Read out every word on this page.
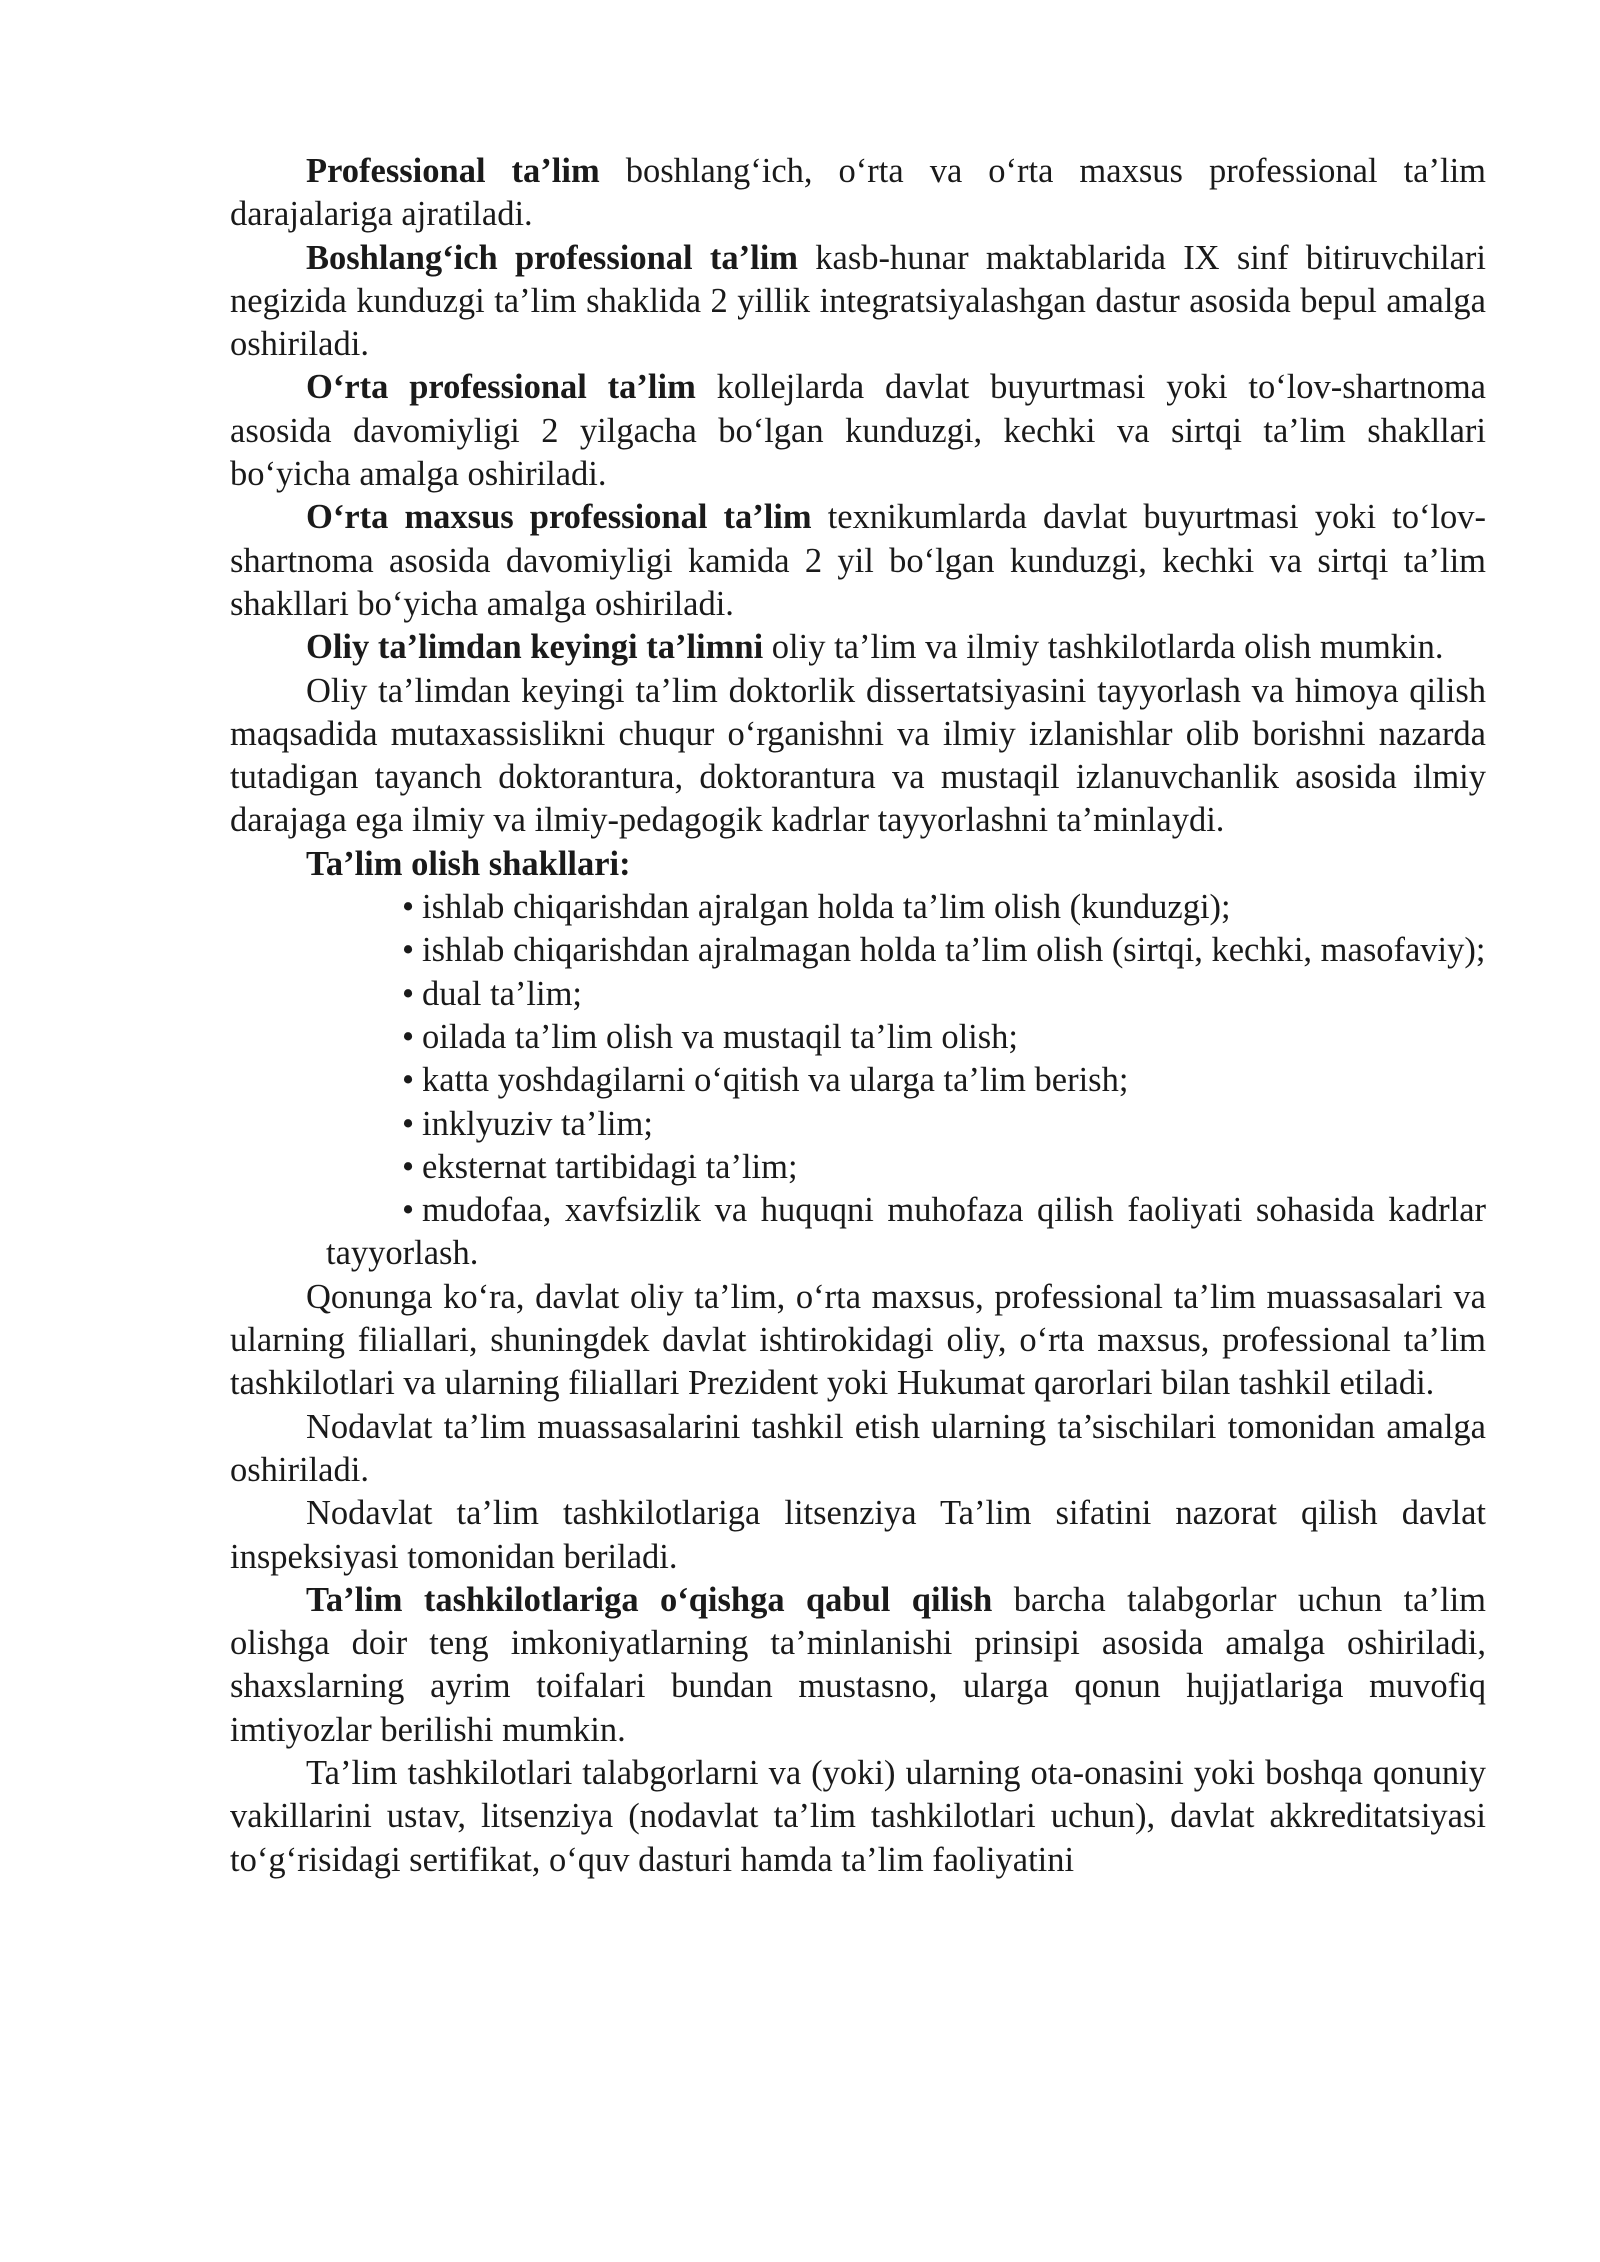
Professional ta’lim boshlang‘ich, o‘rta va o‘rta maxsus professional ta’lim darajalariga ajratiladi.

Boshlang‘ich professional ta’lim kasb-hunar maktablarida IX sinf bitiruvchilari negizida kunduzgi ta’lim shaklida 2 yillik integratsiyalashgan dastur asosida bepul amalga oshiriladi.

O‘rta professional ta’lim kollejlarda davlat buyurtmasi yoki to‘lov-shartnoma asosida davomiyligi 2 yilgacha bo‘lgan kunduzgi, kechki va sirtqi ta’lim shakllari bo‘yicha amalga oshiriladi.

O‘rta maxsus professional ta’lim texnikumlarda davlat buyurtmasi yoki to‘lov-shartnoma asosida davomiyligi kamida 2 yil bo‘lgan kunduzgi, kechki va sirtqi ta’lim shakllari bo‘yicha amalga oshiriladi.

Oliy ta’limdan keyingi ta’limni oliy ta’lim va ilmiy tashkilotlarda olish mumkin.

Oliy ta’limdan keyingi ta’lim doktorlik dissertatsiyasini tayyorlash va himoya qilish maqsadida mutaxassislikni chuqur o‘rganishni va ilmiy izlanishlar olib borishni nazarda tutadigan tayanch doktorantura, doktorantura va mustaqil izlanuvchanlik asosida ilmiy darajaga ega ilmiy va ilmiy-pedagogik kadrlar tayyorlashni ta’minlaydi.

Ta’lim olish shakllari:

• ishlab chiqarishdan ajralgan holda ta’lim olish (kunduzgi);
• ishlab chiqarishdan ajralmagan holda ta’lim olish (sirtqi, kechki, masofaviy);
• dual ta’lim;
• oilada ta’lim olish va mustaqil ta’lim olish;
• katta yoshdagilarni o‘qitish va ularga ta’lim berish;
• inklyuziv ta’lim;
• eksternat tartibidagi ta’lim;
• mudofaa, xavfsizlik va huquqni muhofaza qilish faoliyati sohasida kadrlar tayyorlash.

Qonunga ko‘ra, davlat oliy ta’lim, o‘rta maxsus, professional ta’lim muassasalari va ularning filiallari, shuningdek davlat ishtirokidagi oliy, o‘rta maxsus, professional ta’lim tashkilotlari va ularning filiallari Prezident yoki Hukumat qarorlari bilan tashkil etiladi.

Nodavlat ta’lim muassasalarini tashkil etish ularning ta’sischilari tomonidan amalga oshiriladi.

Nodavlat ta’lim tashkilotlariga litsenziya Ta’lim sifatini nazorat qilish davlat inspeksiyasi tomonidan beriladi.

Ta’lim tashkilotlariga o‘qishga qabul qilish barcha talabgorlar uchun ta’lim olishga doir teng imkoniyatlarning ta’minlanishi prinsipi asosida amalga oshiriladi, shaxslarning ayrim toifalari bundan mustasno, ularga qonun hujjatlariga muvofiq imtiyozlar berilishi mumkin.

Ta’lim tashkilotlari talabgorlarni va (yoki) ularning ota-onasini yoki boshqa qonuniy vakillarini ustav, litsenziya (nodavlat ta’lim tashkilotlari uchun), davlat akkreditatsiyasi to‘g‘risidagi sertifikat, o‘quv dasturi hamda ta’lim faoliyatini
